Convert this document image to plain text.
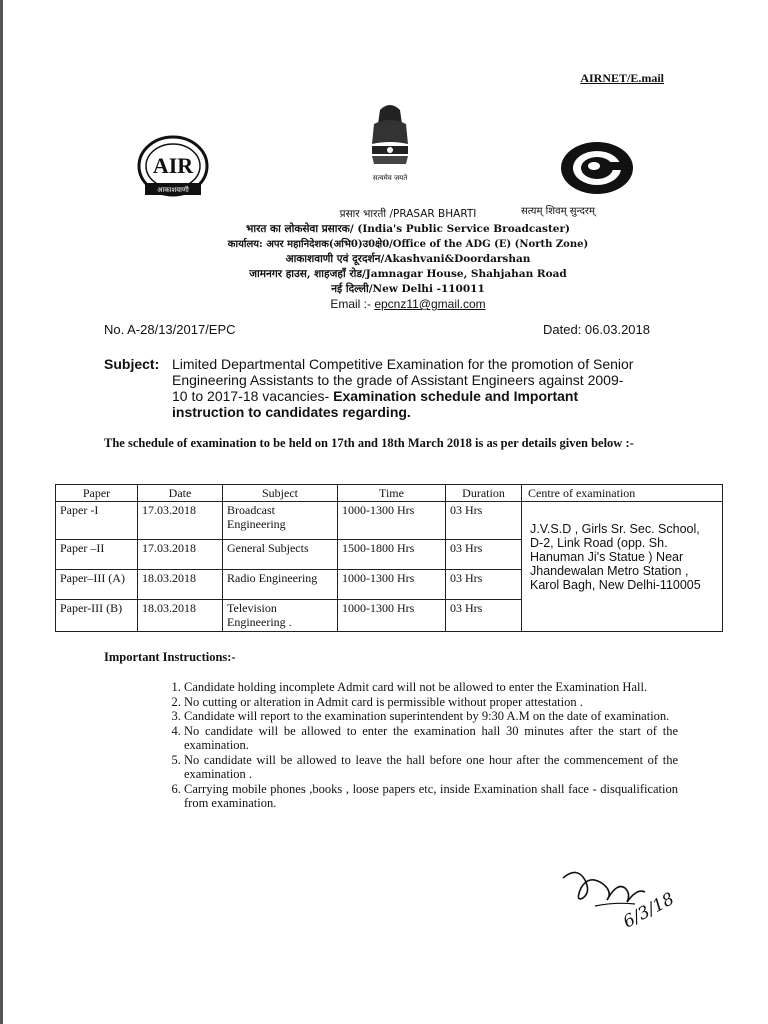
AIRNET/E.mail
AIR
आकाशवाणी
सत्यमेव जयते
सत्यम् शिवम् सुन्दरम्
प्रसार भारती /PRASAR BHARTI
भारत का लोकसेवा प्रसारक/ (India's Public Service Broadcaster)
कार्यालय: अपर महानिदेशक(अभि0)उ0क्षे0/Office of the ADG (E) (North Zone)
आकाशवाणी एवं दूरदर्शन/Akashvani&Doordarshan
जामनगर हाउस, शाहजहाँ रोड/Jamnagar House, Shahjahan Road
नई दिल्ली/New Delhi -110011
Email :- epcnz11@gmail.com
No. A-28/13/2017/EPC	Dated: 06.03.2018
Subject: Limited Departmental Competitive Examination for the promotion of Senior Engineering Assistants to the grade of Assistant Engineers against 2009-10 to 2017-18 vacancies- Examination schedule and Important instruction to candidates regarding.
The schedule of examination to be held on 17th and 18th March 2018 is as per details given below :-
Paper	Date	Subject	Time	Duration	Centre of examination
Paper -I	17.03.2018	Broadcast Engineering	1000-1300 Hrs	03 Hrs	J.V.S.D , Girls Sr. Sec. School, D-2, Link Road (opp. Sh. Hanuman Ji's Statue ) Near Jhandewalan Metro Station , Karol Bagh, New Delhi-110005
Paper –II	17.03.2018	General Subjects	1500-1800 Hrs	03 Hrs	
Paper–III (A)	18.03.2018	Radio Engineering	1000-1300 Hrs	03 Hrs	
Paper-III (B)	18.03.2018	Television Engineering .	1000-1300 Hrs	03 Hrs	
Important Instructions:-
1. Candidate holding incomplete Admit card will not be allowed to enter the Examination Hall.
2. No cutting or alteration in Admit card is permissible without proper attestation .
3. Candidate will report to the examination superintendent by 9:30 A.M on the date of examination.
4. No candidate will be allowed to enter the examination hall 30 minutes after the start of the examination.
5. No candidate will be allowed to leave the hall before one hour after the commencement of the examination .
6. Carrying mobile phones ,books , loose papers etc, inside Examination shall face - disqualification from examination.
6/3/18
